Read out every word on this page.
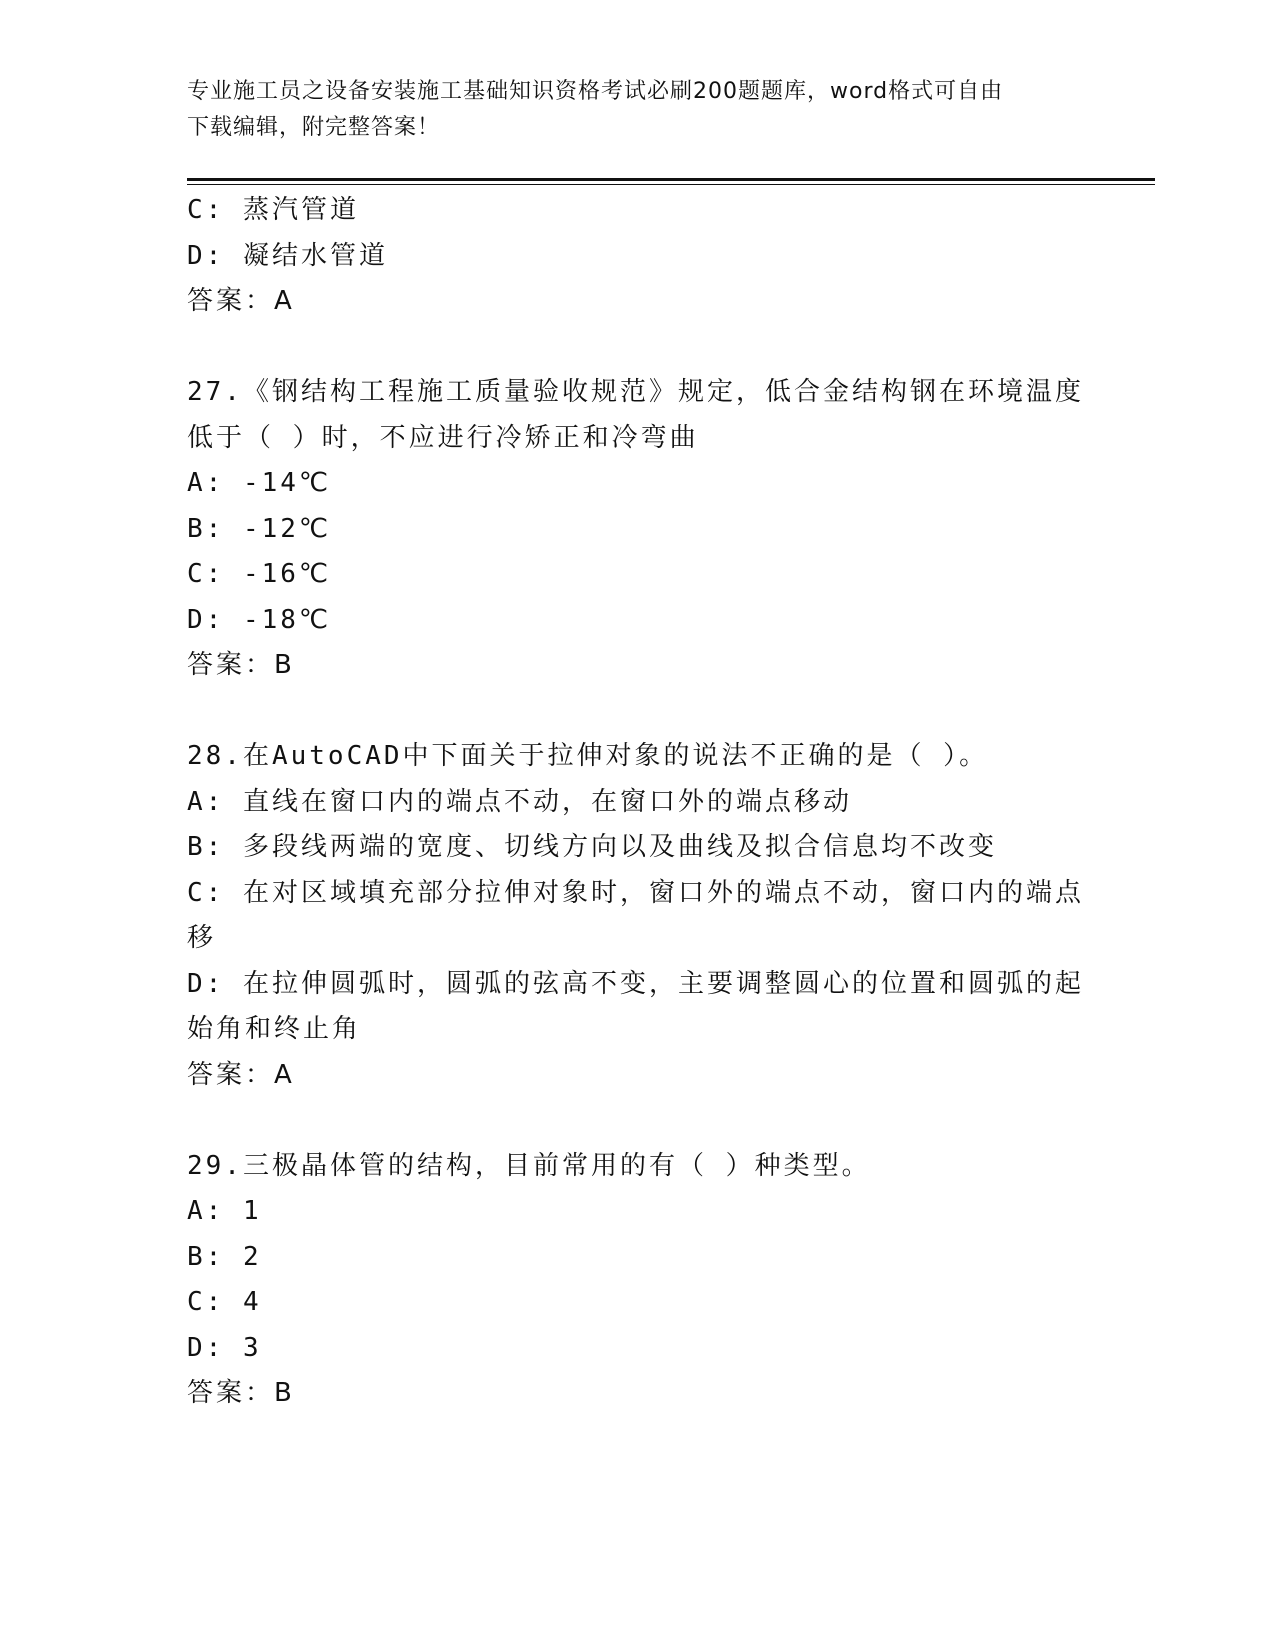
专业施工员之设备安装施工基础知识资格考试必刷200题题库，word格式可自由
下载编辑，附完整答案！
C: 蒸汽管道
D: 凝结水管道
答案：A
27.《钢结构工程施工质量验收规范》规定，低合金结构钢在环境温度
低于（ ）时，不应进行冷矫正和冷弯曲
A: -14℃
B: -12℃
C: -16℃
D: -18℃
答案：B
28.在AutoCAD中下面关于拉伸对象的说法不正确的是（ ）。
A: 直线在窗口内的端点不动，在窗口外的端点移动
B: 多段线两端的宽度、切线方向以及曲线及拟合信息均不改变
C: 在对区域填充部分拉伸对象时，窗口外的端点不动，窗口内的端点
移
D: 在拉伸圆弧时，圆弧的弦高不变，主要调整圆心的位置和圆弧的起
始角和终止角
答案：A
29.三极晶体管的结构，目前常用的有（ ）种类型。
A: 1
B: 2
C: 4
D: 3
答案：B
